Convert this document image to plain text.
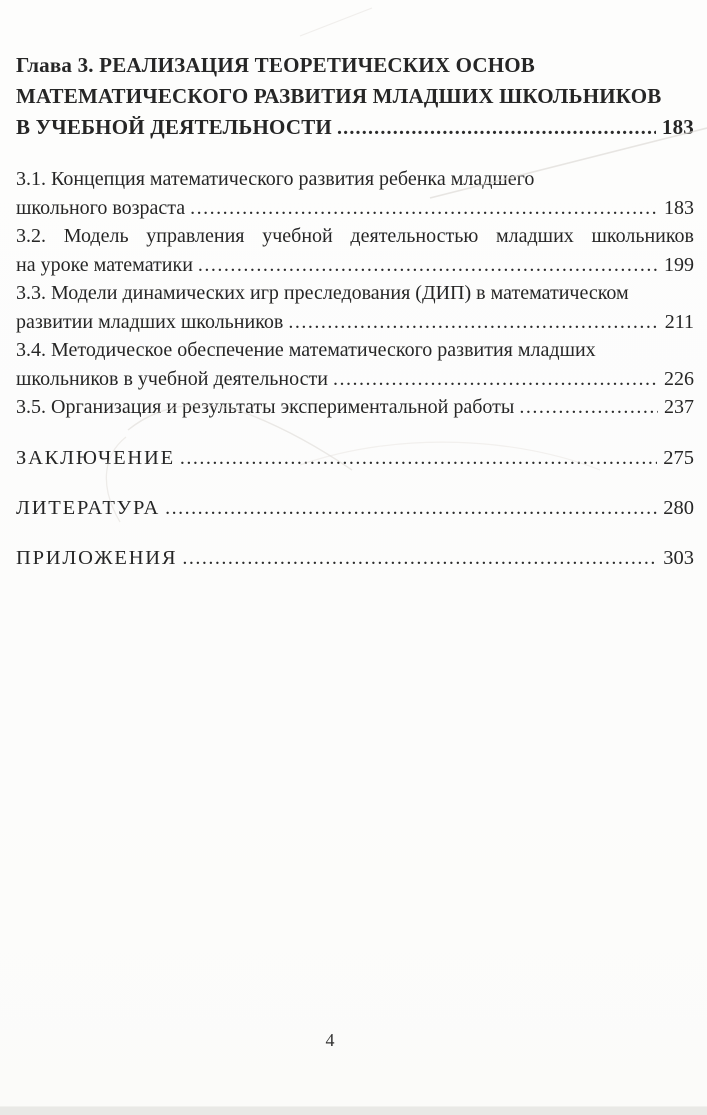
Глава 3. РЕАЛИЗАЦИЯ ТЕОРЕТИЧЕСКИХ ОСНОВ
МАТЕМАТИЧЕСКОГО РАЗВИТИЯ МЛАДШИХ ШКОЛЬНИКОВ
В УЧЕБНОЙ ДЕЯТЕЛЬНОСТИ .....	183
3.1. Концепция математического развития ребенка младшего
школьного возраста .....	183
3.2. Модель управления учебной деятельностью младших школьников
на уроке математики .....	199
3.3. Модели динамических игр преследования (ДИП) в математическом
развитии младших школьников .....	211
3.4. Методическое обеспечение математического развития младших
школьников в учебной деятельности .....	226
3.5. Организация и результаты экспериментальной работы .....	237
ЗАКЛЮЧЕНИЕ .....	275
ЛИТЕРАТУРА .....	280
ПРИЛОЖЕНИЯ .....	303
4
